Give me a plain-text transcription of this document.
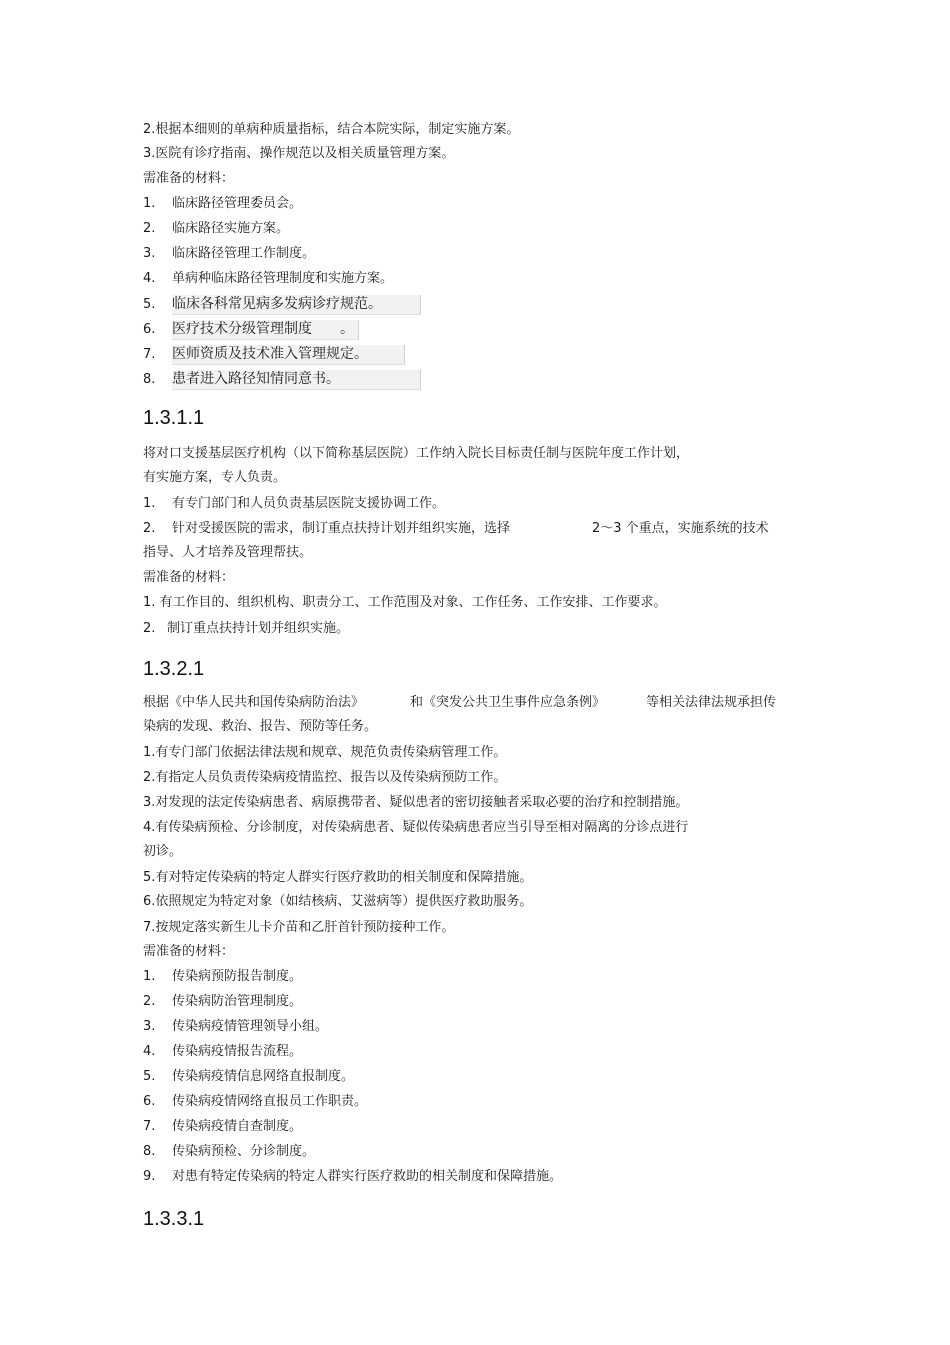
2.根据本细则的单病种质量指标，结合本院实际，制定实施方案。
3.医院有诊疗指南、操作规范以及相关质量管理方案。
需准备的材料：
1. 临床路径管理委员会。
2. 临床路径实施方案。
3. 临床路径管理工作制度。
4. 单病种临床路径管理制度和实施方案。
5. 临床各科常见病多发病诊疗规范。
6. 医疗技术分级管理制度　　。
7. 医师资质及技术准入管理规定。
8. 患者进入路径知情同意书。
1.3.1.1
将对口支援基层医疗机构（以下简称基层医院）工作纳入院长目标责任制与医院年度工作计划，
有实施方案，专人负责。
1. 有专门部门和人员负责基层医院支援协调工作。
2. 针对受援医院的需求，制订重点扶持计划并组织实施，选择	2～3 个重点，实施系统的技术
指导、人才培养及管理帮扶。
需准备的材料：
1. 有工作目的、组织机构、职责分工、工作范围及对象、工作任务、工作安排、工作要求。
2. 制订重点扶持计划并组织实施。
1.3.2.1
根据《中华人民共和国传染病防治法》	和《突发公共卫生事件应急条例》	等相关法律法规承担传
染病的发现、救治、报告、预防等任务。
1.有专门部门依据法律法规和规章、规范负责传染病管理工作。
2.有指定人员负责传染病疫情监控、报告以及传染病预防工作。
3.对发现的法定传染病患者、病原携带者、疑似患者的密切接触者采取必要的治疗和控制措施。
4.有传染病预检、分诊制度，对传染病患者、疑似传染病患者应当引导至相对隔离的分诊点进行
初诊。
5.有对特定传染病的特定人群实行医疗救助的相关制度和保障措施。
6.依照规定为特定对象（如结核病、艾滋病等）提供医疗救助服务。
7.按规定落实新生儿卡介苗和乙肝首针预防接种工作。
需准备的材料：
1. 传染病预防报告制度。
2. 传染病防治管理制度。
3. 传染病疫情管理领导小组。
4. 传染病疫情报告流程。
5. 传染病疫情信息网络直报制度。
6. 传染病疫情网络直报员工作职责。
7. 传染病疫情自查制度。
8. 传染病预检、分诊制度。
9. 对患有特定传染病的特定人群实行医疗救助的相关制度和保障措施。
1.3.3.1
